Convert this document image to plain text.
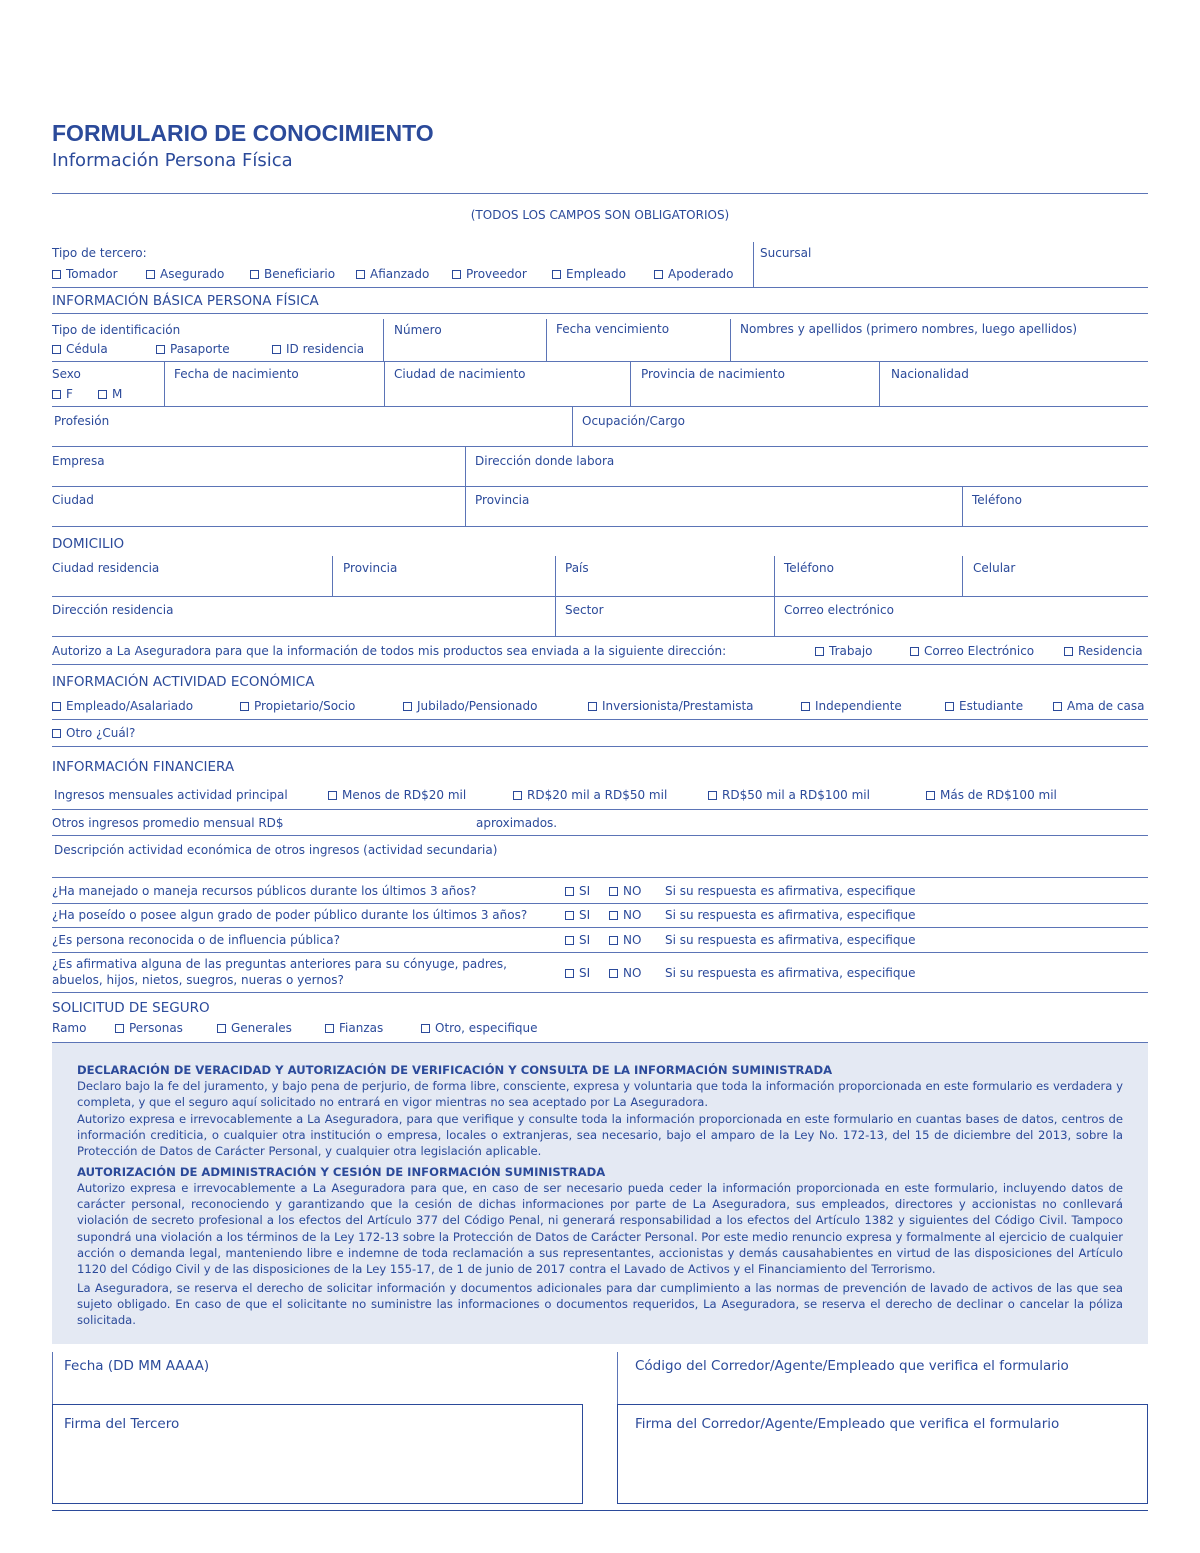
FORMULARIO DE CONOCIMIENTO
Información Persona Física
(TODOS LOS CAMPOS SON OBLIGATORIOS)
Tipo de tercero:
Tomador	Asegurado	Beneficiario	Afianzado	Proveedor	Empleado	Apoderado
Sucursal
INFORMACIÓN BÁSICA PERSONA FÍSICA
Tipo de identificación
Cédula	Pasaporte	ID residencia
Número	Fecha vencimiento	Nombres y apellidos (primero nombres, luego apellidos)
Sexo
F	M
Fecha de nacimiento	Ciudad de nacimiento	Provincia de nacimiento	Nacionalidad
Profesión	Ocupación/Cargo
Empresa	Dirección donde labora
Ciudad	Provincia	Teléfono
DOMICILIO
Ciudad residencia	Provincia	País	Teléfono	Celular
Dirección residencia	Sector	Correo electrónico
Autorizo a La Aseguradora para que la información de todos mis productos sea enviada a la siguiente dirección:	Trabajo	Correo Electrónico	Residencia
INFORMACIÓN ACTIVIDAD ECONÓMICA
Empleado/Asalariado	Propietario/Socio	Jubilado/Pensionado	Inversionista/Prestamista	Independiente	Estudiante	Ama de casa
Otro ¿Cuál?
INFORMACIÓN FINANCIERA
Ingresos mensuales actividad principal	Menos de RD$20 mil	RD$20 mil a RD$50 mil	RD$50 mil a RD$100 mil	Más de RD$100 mil
Otros ingresos promedio mensual RD$	aproximados.
Descripción actividad económica de otros ingresos (actividad secundaria)
¿Ha manejado o maneja recursos públicos durante los últimos 3 años?	SI	NO Si su respuesta es afirmativa, especifique
¿Ha poseído o posee algun grado de poder público durante los últimos 3 años?	SI	NO Si su respuesta es afirmativa, especifique
¿Es persona reconocida o de influencia pública?	SI	NO Si su respuesta es afirmativa, especifique
¿Es afirmativa alguna de las preguntas anteriores para su cónyuge, padres,
abuelos, hijos, nietos, suegros, nueras o yernos?	SI	NO Si su respuesta es afirmativa, especifique
SOLICITUD DE SEGURO
Ramo	Personas	Generales	Fianzas	Otro, especifique

DECLARACIÓN DE VERACIDAD Y AUTORIZACIÓN DE VERIFICACIÓN Y CONSULTA DE LA INFORMACIÓN SUMINISTRADA

Declaro bajo la fe del juramento, y bajo pena de perjurio, de forma libre, consciente, expresa y voluntaria que toda la información proporcionada en este formulario es verdadera y completa, y que el seguro aquí solicitado no entrará en vigor mientras no sea aceptado por La Aseguradora.

Autorizo expresa e irrevocablemente a La Aseguradora, para que verifique y consulte toda la información proporcionada en este formulario en cuantas bases de datos, centros de información crediticia, o cualquier otra institución o empresa, locales o extranjeras, sea necesario, bajo el amparo de la Ley No. 172-13, del 15 de diciembre del 2013, sobre la Protección de Datos de Carácter Personal, y cualquier otra legislación aplicable.

AUTORIZACIÓN DE ADMINISTRACIÓN Y CESIÓN DE INFORMACIÓN SUMINISTRADA

Autorizo expresa e irrevocablemente a La Aseguradora para que, en caso de ser necesario pueda ceder la información proporcionada en este formulario, incluyendo datos de carácter personal, reconociendo y garantizando que la cesión de dichas informaciones por parte de La Aseguradora, sus empleados, directores y accionistas no conllevará violación de secreto profesional a los efectos del Artículo 377 del Código Penal, ni generará responsabilidad a los efectos del Artículo 1382 y siguientes del Código Civil. Tampoco supondrá una violación a los términos de la Ley 172-13 sobre la Protección de Datos de Carácter Personal. Por este medio renuncio expresa y formalmente al ejercicio de cualquier acción o demanda legal, manteniendo libre e indemne de toda reclamación a sus representantes, accionistas y demás causahabientes en virtud de las disposiciones del Artículo 1120 del Código Civil y de las disposiciones de la Ley 155-17, de 1 de junio de 2017 contra el Lavado de Activos y el Financiamiento del Terrorismo.

La Aseguradora, se reserva el derecho de solicitar información y documentos adicionales para dar cumplimiento a las normas de prevención de lavado de activos de las que sea sujeto obligado. En caso de que el solicitante no suministre las informaciones o documentos requeridos, La Aseguradora, se reserva el derecho de declinar o cancelar la póliza solicitada.

Fecha (DD MM AAAA)	Código del Corredor/Agente/Empleado que verifica el formulario
Firma del Tercero	Firma del Corredor/Agente/Empleado que verifica el formulario
